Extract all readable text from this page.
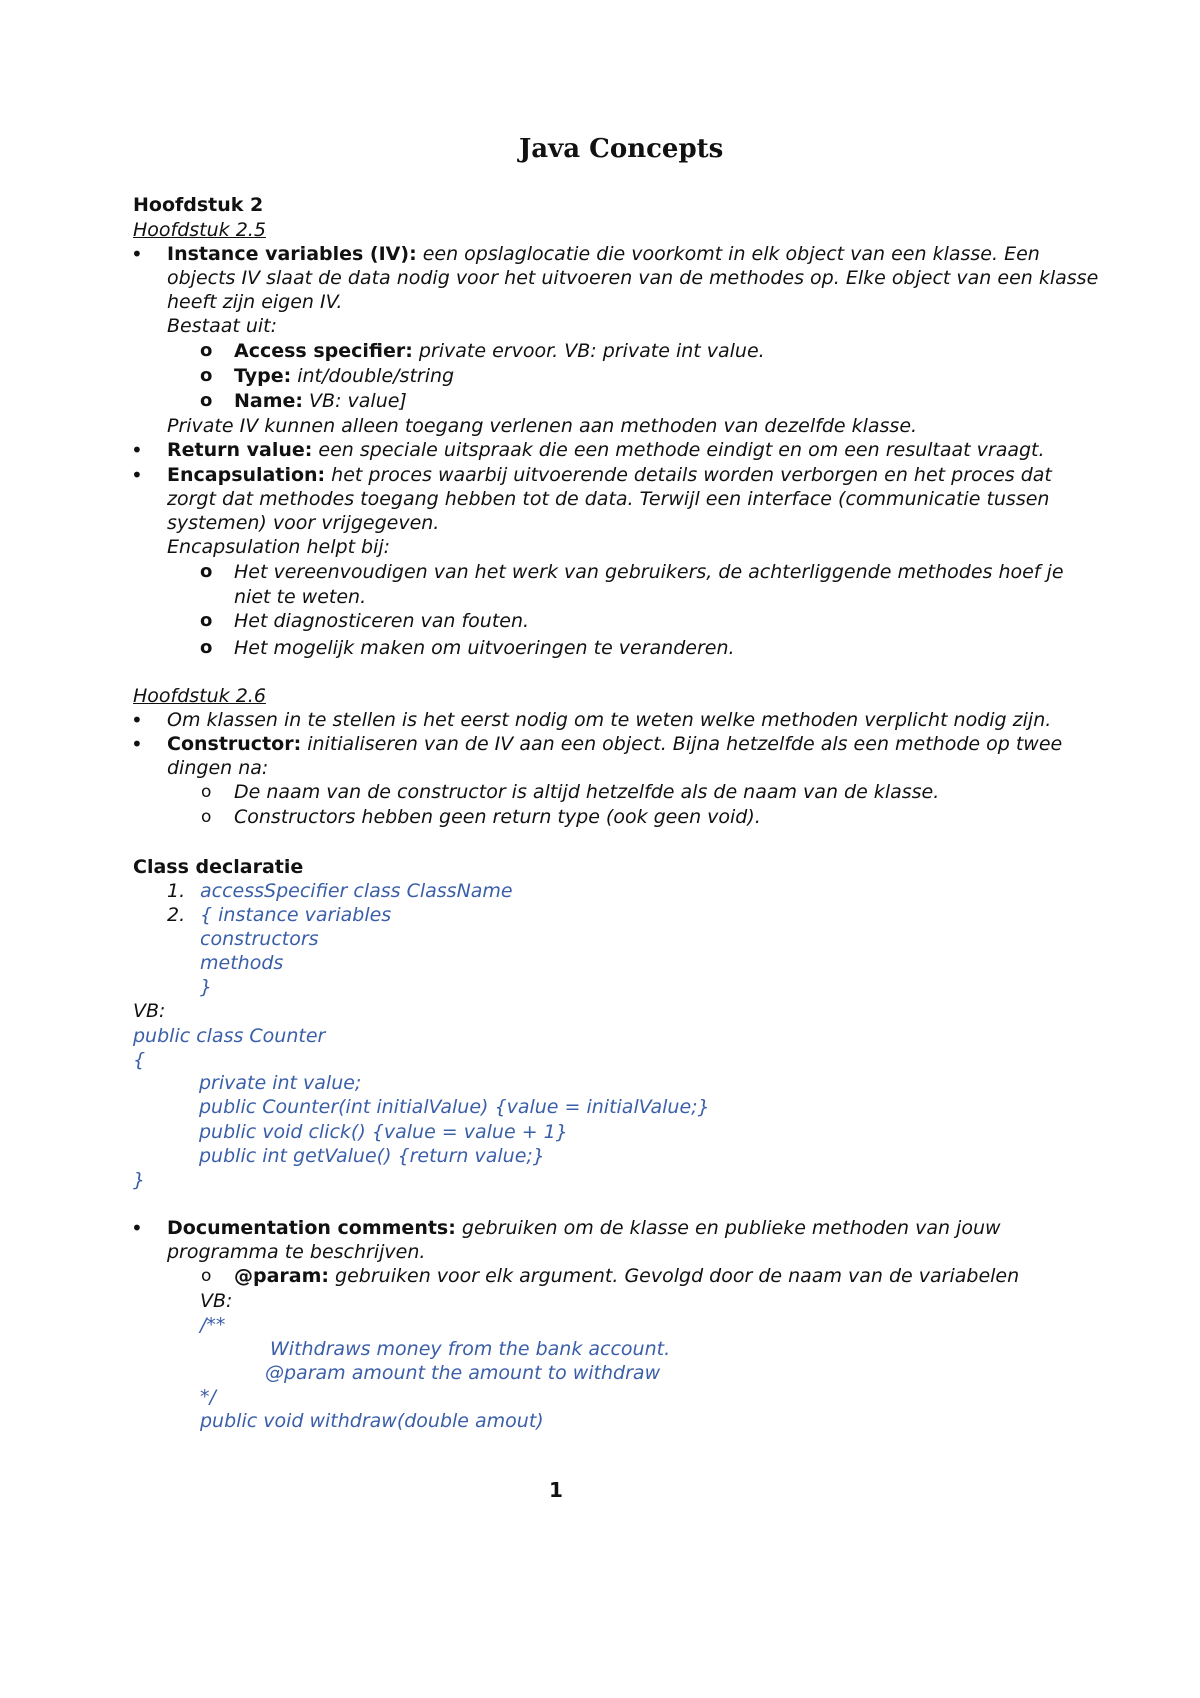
Java Concepts
Hoofdstuk 2
Hoofdstuk 2.5
• Instance variables (IV): een opslaglocatie die voorkomt in elk object van een klasse. Een
objects IV slaat de data nodig voor het uitvoeren van de methodes op. Elke object van een klasse
heeft zijn eigen IV.
Bestaat uit:
o Access specifier: private ervoor. VB: private int value.
o Type: int/double/string
o Name: VB: value]
Private IV kunnen alleen toegang verlenen aan methoden van dezelfde klasse.
• Return value: een speciale uitspraak die een methode eindigt en om een resultaat vraagt.
• Encapsulation: het proces waarbij uitvoerende details worden verborgen en het proces dat
zorgt dat methodes toegang hebben tot de data. Terwijl een interface (communicatie tussen
systemen) voor vrijgegeven.
Encapsulation helpt bij:
o Het vereenvoudigen van het werk van gebruikers, de achterliggende methodes hoef je
niet te weten.
o Het diagnosticeren van fouten.
o Het mogelijk maken om uitvoeringen te veranderen.
Hoofdstuk 2.6
• Om klassen in te stellen is het eerst nodig om te weten welke methoden verplicht nodig zijn.
• Constructor: initialiseren van de IV aan een object. Bijna hetzelfde als een methode op twee
dingen na:
o De naam van de constructor is altijd hetzelfde als de naam van de klasse.
o Constructors hebben geen return type (ook geen void).
Class declaratie
1. accessSpecifier class ClassName
2. { instance variables
constructors
methods
}
VB:
public class Counter
{
private int value;
public Counter(int initialValue) {value = initialValue;}
public void click() {value = value + 1}
public int getValue() {return value;}
}
• Documentation comments: gebruiken om de klasse en publieke methoden van jouw
programma te beschrijven.
o @param: gebruiken voor elk argument. Gevolgd door de naam van de variabelen
VB:
/**
Withdraws money from the bank account.
@param amount the amount to withdraw
*/
public void withdraw(double amout)
1
